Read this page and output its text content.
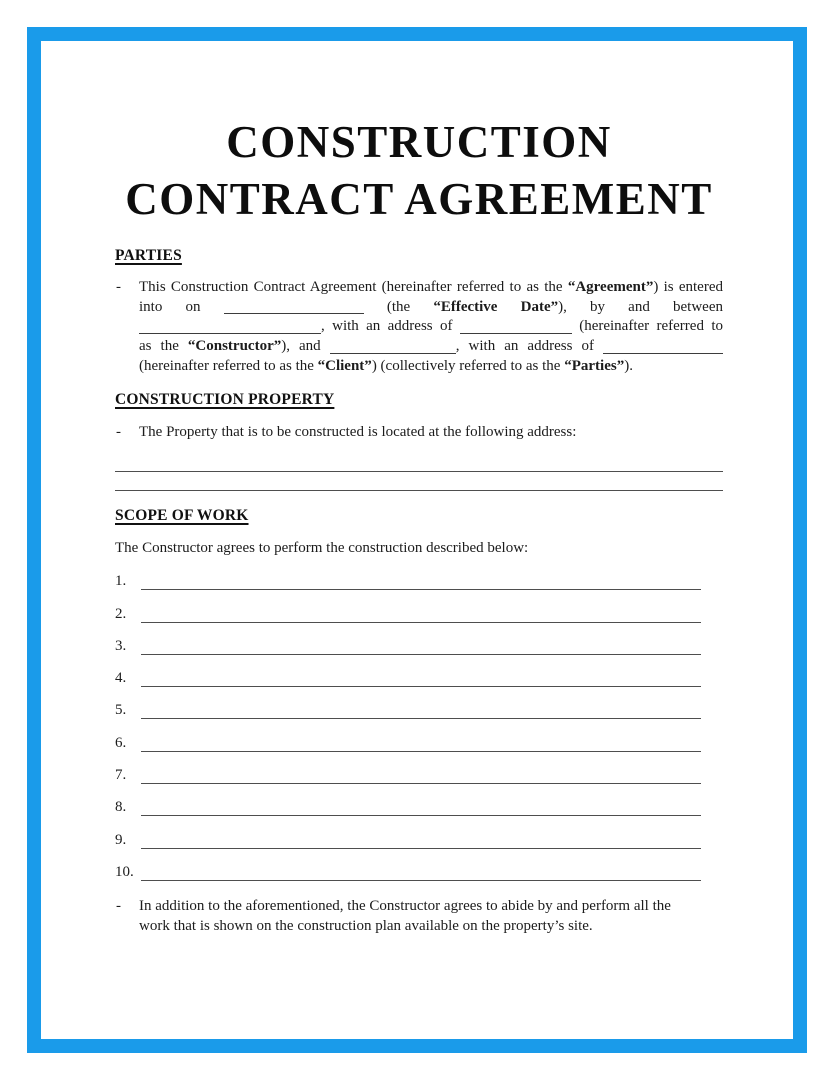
CONSTRUCTION
CONTRACT AGREEMENT
PARTIES
- This Construction Contract Agreement (hereinafter referred to as the “Agreement”) is entered
into on	(the “Effective Date”), by and between
, with an address of	(hereinafter referred to
as the “Constructor”), and	, with an address of
(hereinafter referred to as the “Client”) (collectively referred to as the “Parties”).
CONSTRUCTION PROPERTY
- The Property that is to be constructed is located at the following address:
SCOPE OF WORK
The Constructor agrees to perform the construction described below:
1.
2.
3.
4.
5.
6.
7.
8.
9.
10.
- In addition to the aforementioned, the Constructor agrees to abide by and perform all the
work that is shown on the construction plan available on the property’s site.
